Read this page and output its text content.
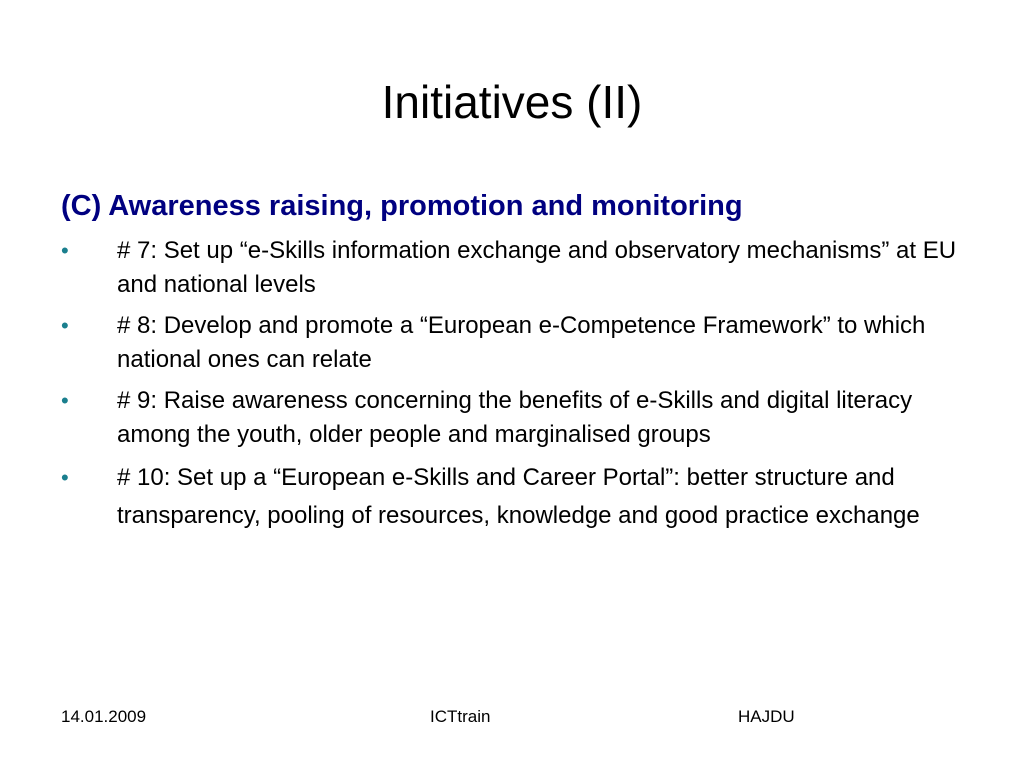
Initiatives (II)
(C) Awareness raising, promotion and monitoring
•	# 7: Set up “e-Skills information exchange and observatory mechanisms” at EU and national levels
•	# 8: Develop and promote a “European e-Competence Framework” to which national ones can relate
•	# 9: Raise awareness concerning the benefits of e-Skills and digital literacy among the youth, older people and marginalised groups
•	# 10: Set up a “European e-Skills and Career Portal”: better structure and transparency, pooling of resources, knowledge and good practice exchange
14.01.2009	ICTtrain	HAJDU
